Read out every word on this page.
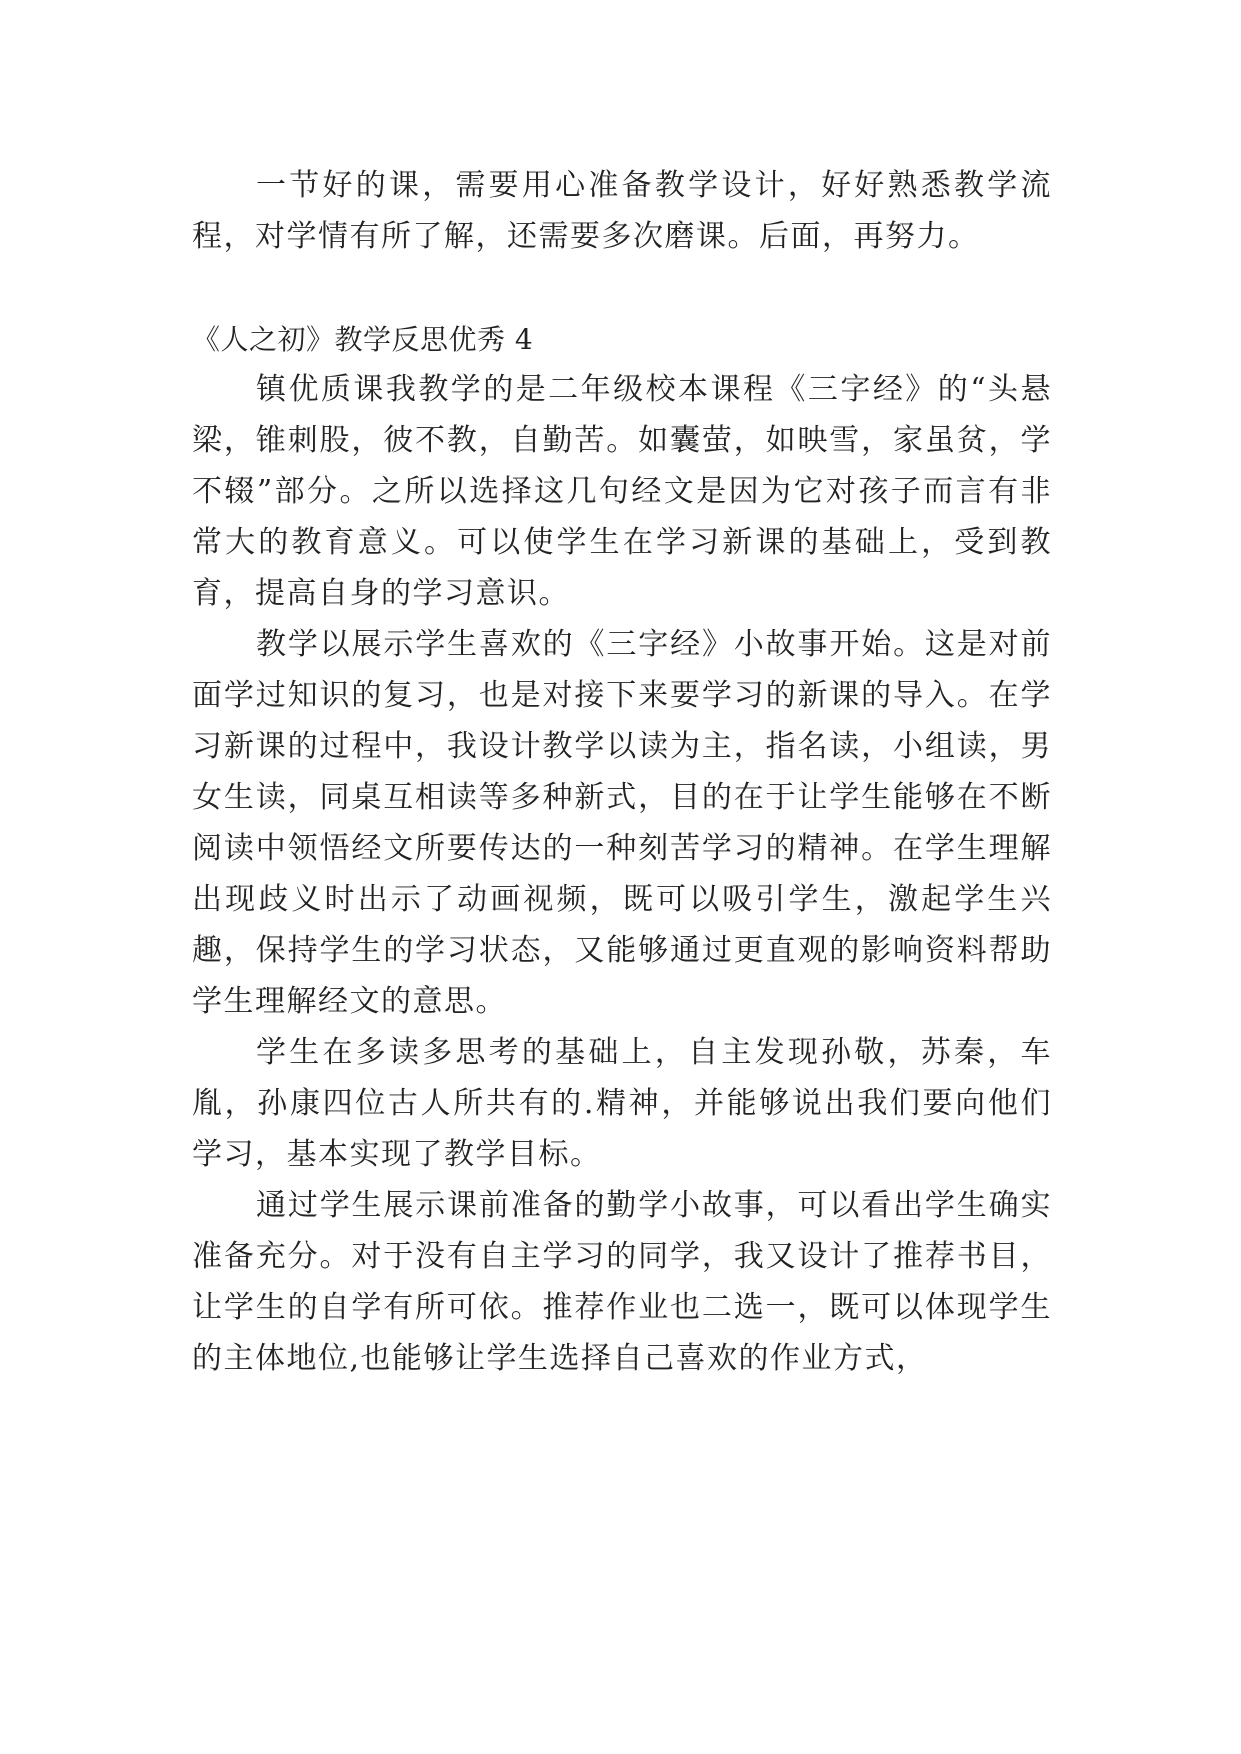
一节好的课，需要用心准备教学设计，好好熟悉教学流程，对学情有所了解，还需要多次磨课。后面，再努力。

《人之初》教学反思优秀 4

镇优质课我教学的是二年级校本课程《三字经》的“头悬梁，锥刺股，彼不教，自勤苦。如囊萤，如映雪，家虽贫，学不辍”部分。之所以选择这几句经文是因为它对孩子而言有非常大的教育意义。可以使学生在学习新课的基础上，受到教育，提高自身的学习意识。

教学以展示学生喜欢的《三字经》小故事开始。这是对前面学过知识的复习，也是对接下来要学习的新课的导入。在学习新课的过程中，我设计教学以读为主，指名读，小组读，男女生读，同桌互相读等多种新式，目的在于让学生能够在不断阅读中领悟经文所要传达的一种刻苦学习的精神。在学生理解出现歧义时出示了动画视频，既可以吸引学生，激起学生兴趣，保持学生的学习状态，又能够通过更直观的影响资料帮助学生理解经文的意思。

学生在多读多思考的基础上，自主发现孙敬，苏秦，车胤，孙康四位古人所共有的.精神，并能够说出我们要向他们学习，基本实现了教学目标。

通过学生展示课前准备的勤学小故事，可以看出学生确实准备充分。对于没有自主学习的同学，我又设计了推荐书目，让学生的自学有所可依。推荐作业也二选一，既可以体现学生的主体地位,也能够让学生选择自己喜欢的作业方式，
